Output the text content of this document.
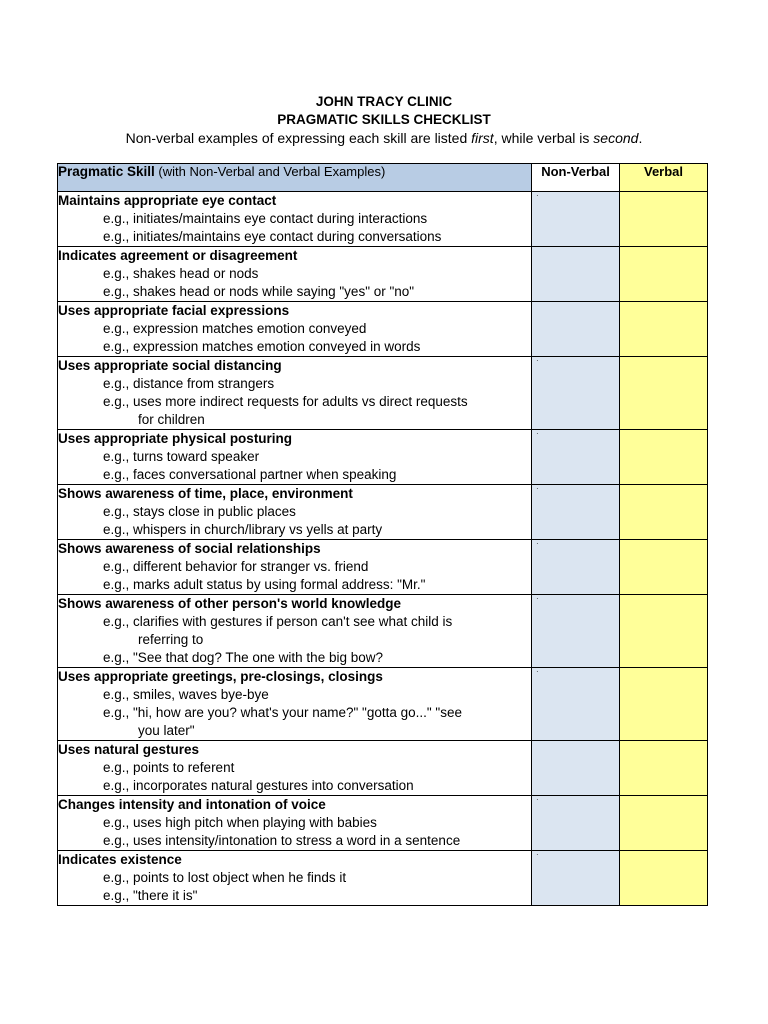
JOHN TRACY CLINIC
PRAGMATIC SKILLS CHECKLIST
Non-verbal examples of expressing each skill are listed first, while verbal is second.
Pragmatic Skill (with Non-Verbal and Verbal Examples)	Non-Verbal	Verbal

Maintains appropriate eye contact
e.g., initiates/maintains eye contact during interactions
e.g., initiates/maintains eye contact during conversations	·	

Indicates agreement or disagreement
e.g., shakes head or nods
e.g., shakes head or nods while saying "yes" or "no"		

Uses appropriate facial expressions
e.g., expression matches emotion conveyed
e.g., expression matches emotion conveyed in words		

Uses appropriate social distancing
e.g., distance from strangers
e.g., uses more indirect requests for adults vs direct requests
for children	·	

Uses appropriate physical posturing
e.g., turns toward speaker
e.g., faces conversational partner when speaking	·	

Shows awareness of time, place, environment
e.g., stays close in public places
e.g., whispers in church/library vs yells at party	·	

Shows awareness of social relationships
e.g., different behavior for stranger vs. friend
e.g., marks adult status by using formal address: "Mr."	·	

Shows awareness of other person's world knowledge
e.g., clarifies with gestures if person can't see what child is
referring to
e.g., "See that dog? The one with the big bow?	·	

Uses appropriate greetings, pre-closings, closings
e.g., smiles, waves bye-bye
e.g., "hi, how are you? what's your name?" "gotta go..." "see
you later"	·	

Uses natural gestures
e.g., points to referent
e.g., incorporates natural gestures into conversation		

Changes intensity and intonation of voice
e.g., uses high pitch when playing with babies
e.g., uses intensity/intonation to stress a word in a sentence	·	

Indicates existence
e.g., points to lost object when he finds it
e.g., "there it is"	·	
